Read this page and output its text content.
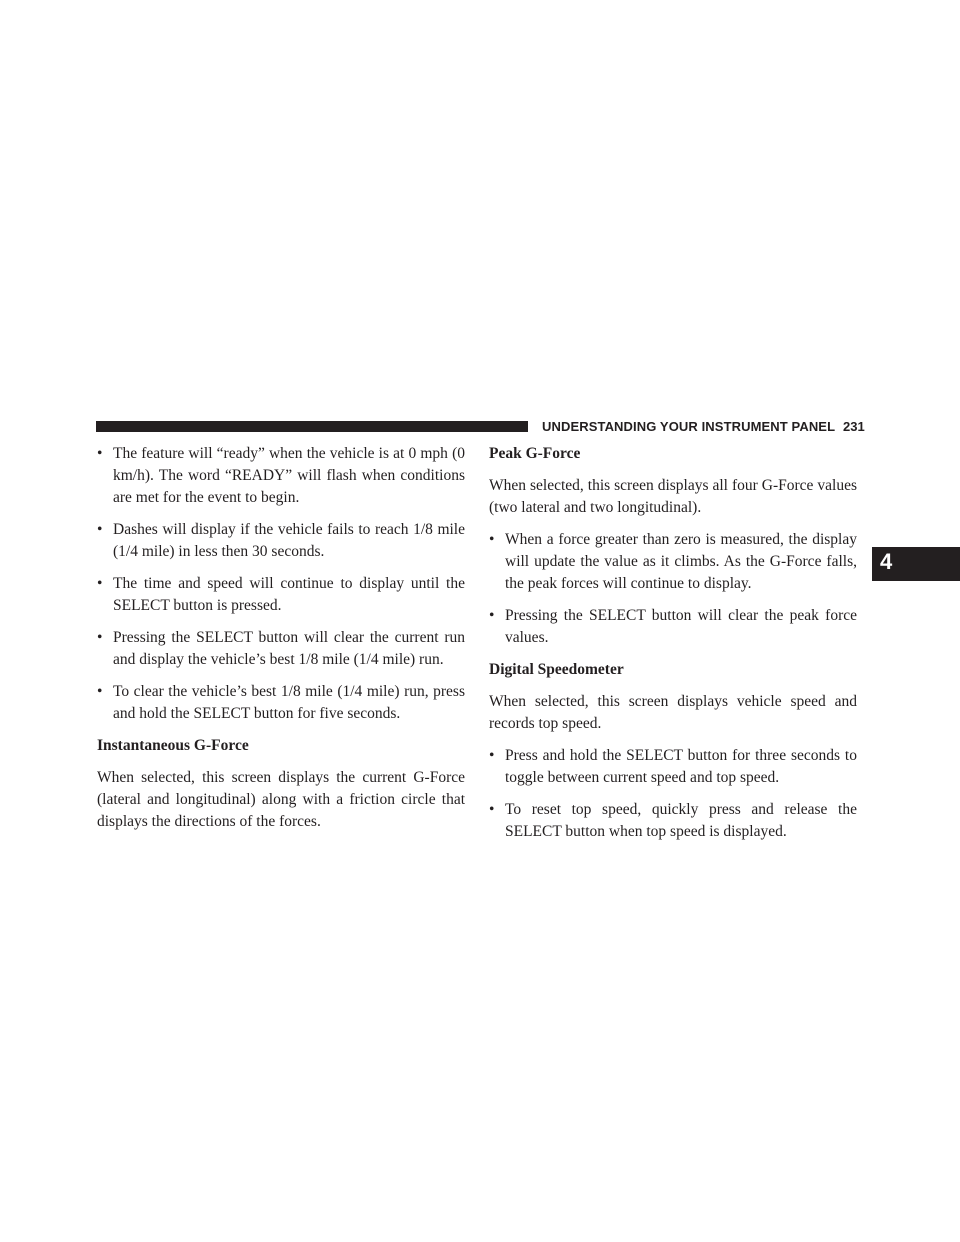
UNDERSTANDING YOUR INSTRUMENT PANEL 231
4
• The feature will “ready” when the vehicle is at 0 mph (0 km/h). The word “READY” will flash when conditions are met for the event to begin.
• Dashes will display if the vehicle fails to reach 1/8 mile (1/4 mile) in less then 30 seconds.
• The time and speed will continue to display until the SELECT button is pressed.
• Pressing the SELECT button will clear the current run and display the vehicle’s best 1/8 mile (1/4 mile) run.
• To clear the vehicle’s best 1/8 mile (1/4 mile) run, press and hold the SELECT button for five seconds.
Instantaneous G-Force
When selected, this screen displays the current G-Force (lateral and longitudinal) along with a friction circle that displays the directions of the forces.
Peak G-Force
When selected, this screen displays all four G-Force values (two lateral and two longitudinal).
• When a force greater than zero is measured, the display will update the value as it climbs. As the G-Force falls, the peak forces will continue to display.
• Pressing the SELECT button will clear the peak force values.
Digital Speedometer
When selected, this screen displays vehicle speed and records top speed.
• Press and hold the SELECT button for three seconds to toggle between current speed and top speed.
• To reset top speed, quickly press and release the SELECT button when top speed is displayed.
